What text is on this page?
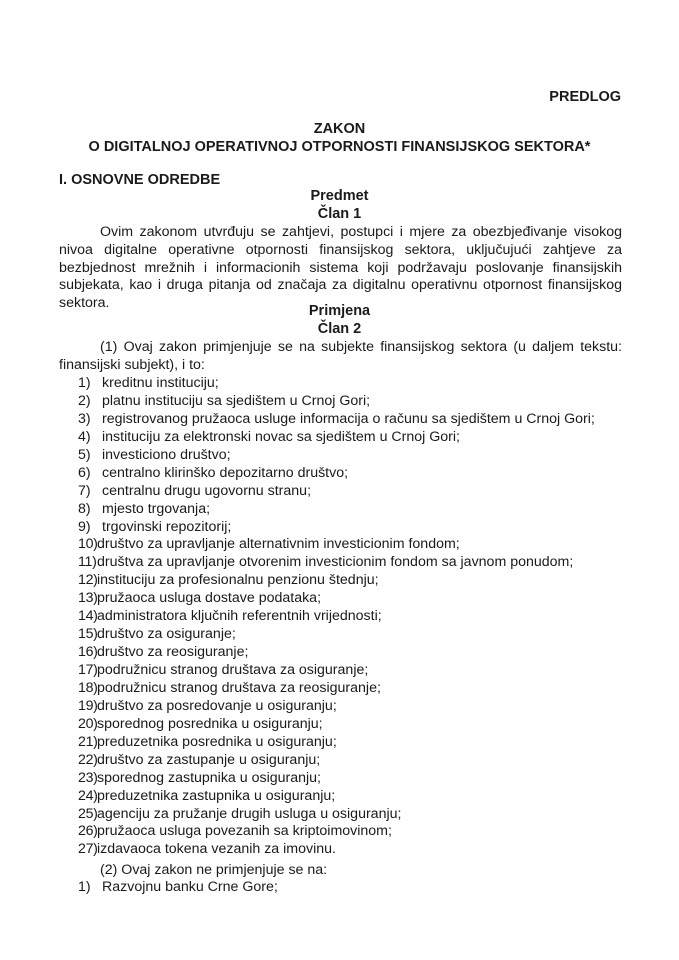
PREDLOG
ZAKON
O DIGITALNOJ OPERATIVNOJ OTPORNOSTI FINANSIJSKOG SEKTORA*
I. OSNOVNE ODREDBE
Predmet
Član 1
Ovim zakonom utvrđuju se zahtjevi, postupci i mjere za obezbjeđivanje visokog nivoa digitalne operativne otpornosti finansijskog sektora, uključujući zahtjeve za bezbjednost mrežnih i informacionih sistema koji podržavaju poslovanje finansijskih subjekata, kao i druga pitanja od značaja za digitalnu operativnu otpornost finansijskog sektora.	Primjena
Član 2
(1) Ovaj zakon primjenjuje se na subjekte finansijskog sektora (u daljem tekstu: finansijski subjekt), i to:
1) kreditnu instituciju;
2) platnu instituciju sa sjedištem u Crnoj Gori;
3) registrovanog pružaoca usluge informacija o računu sa sjedištem u Crnoj Gori;
4) instituciju za elektronski novac sa sjedištem u Crnoj Gori;
5) investiciono društvo;
6) centralno klirinško depozitarno društvo;
7) centralnu drugu ugovornu stranu;
8) mjesto trgovanja;
9) trgovinski repozitorij;
10)društvo za upravljanje alternativnim investicionim fondom;
11)društva za upravljanje otvorenim investicionim fondom sa javnom ponudom;
12)instituciju za profesionalnu penzionu štednju;
13)pružaoca usluga dostave podataka;
14)administratora ključnih referentnih vrijednosti;
15)društvo za osiguranje;
16)društvo za reosiguranje;
17)podružnicu stranog društava za osiguranje;
18)podružnicu stranog društava za reosiguranje;
19)društvo za posredovanje u osiguranju;
20)sporednog posrednika u osiguranju;
21)preduzetnika posrednika u osiguranju;
22)društvo za zastupanje u osiguranju;
23)sporednog zastupnika u osiguranju;
24)preduzetnika zastupnika u osiguranju;
25)agenciju za pružanje drugih usluga u osiguranju;
26)pružaoca usluga povezanih sa kriptoimovinom;
27)izdavaoca tokena vezanih za imovinu.
(2) Ovaj zakon ne primjenjuje se na:
1) Razvojnu banku Crne Gore;
